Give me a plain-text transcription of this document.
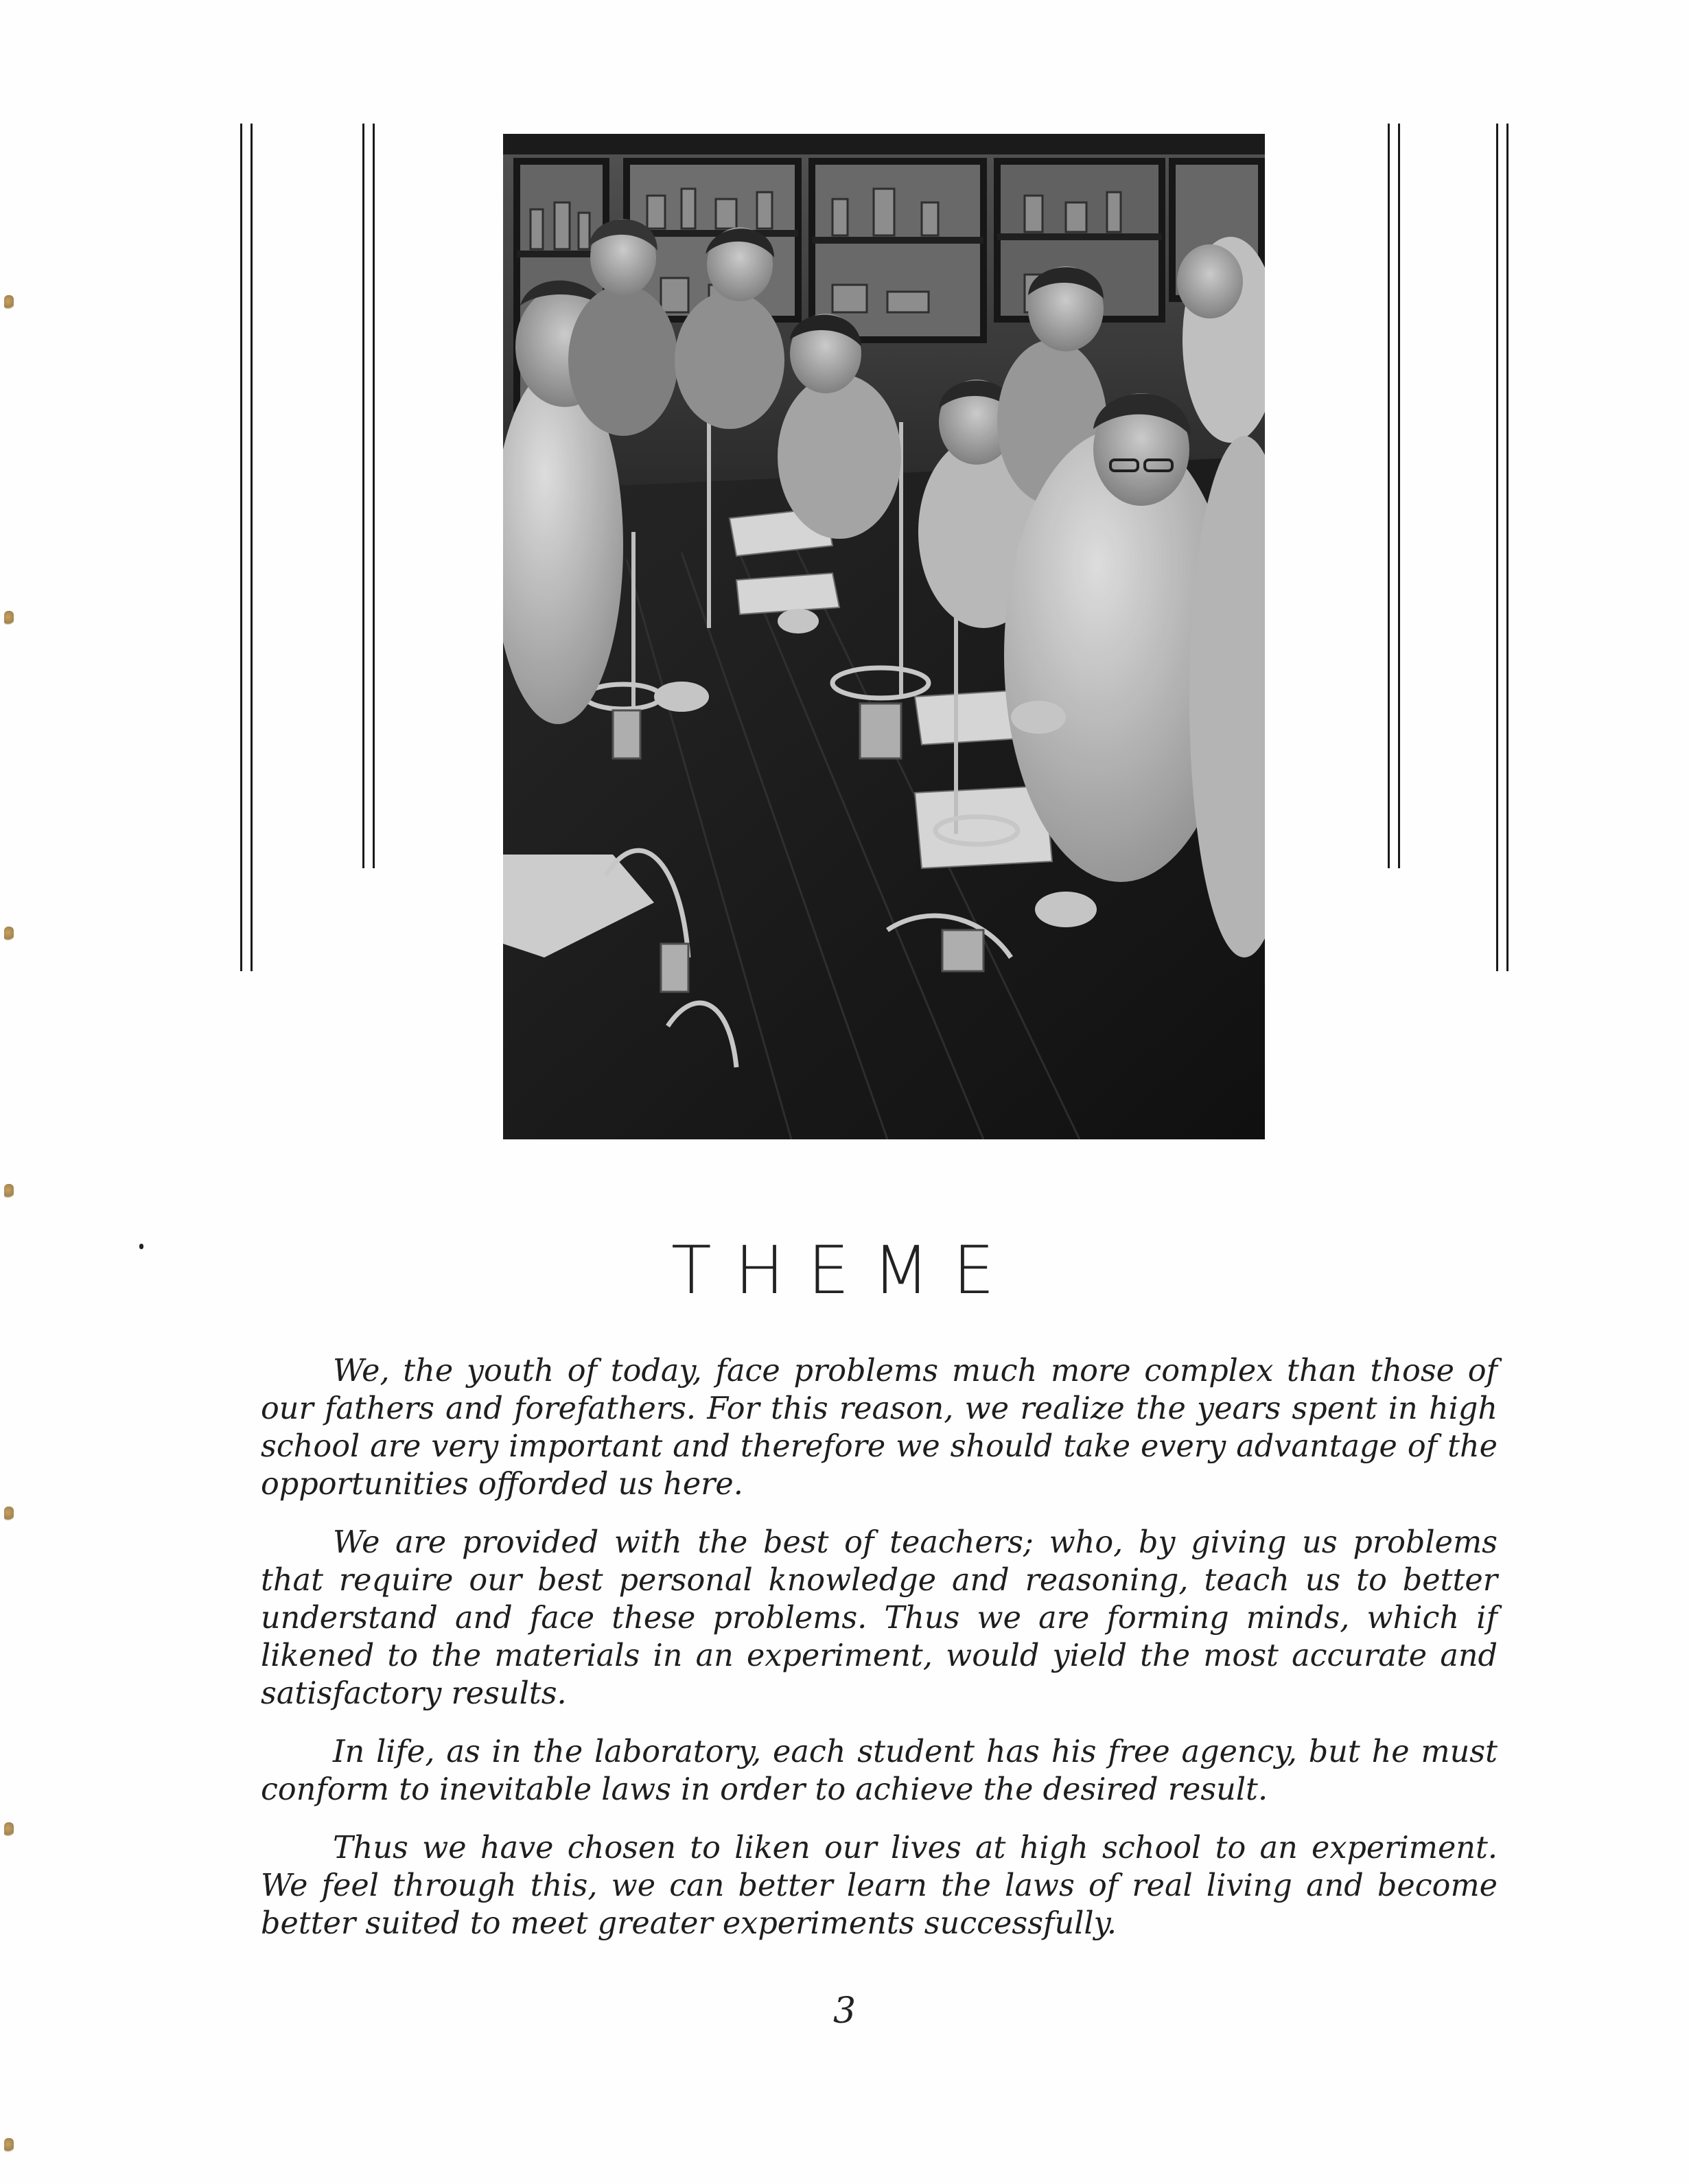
THEME

We, the youth of today, face problems much more complex than those of our fathers and forefathers. For this reason, we realize the years spent in high school are very important and therefore we should take every advantage of the opportunities offorded us here.

We are provided with the best of teachers; who, by giving us problems that require our best personal knowledge and reasoning, teach us to better understand and face these problems. Thus we are forming minds, which if likened to the materials in an experiment, would yield the most accurate and satisfactory results.

In life, as in the laboratory, each student has his free agency, but he must conform to inevitable laws in order to achieve the desired result.

Thus we have chosen to liken our lives at high school to an experiment. We feel through this, we can better learn the laws of real living and become better suited to meet greater experiments successfully.

3
